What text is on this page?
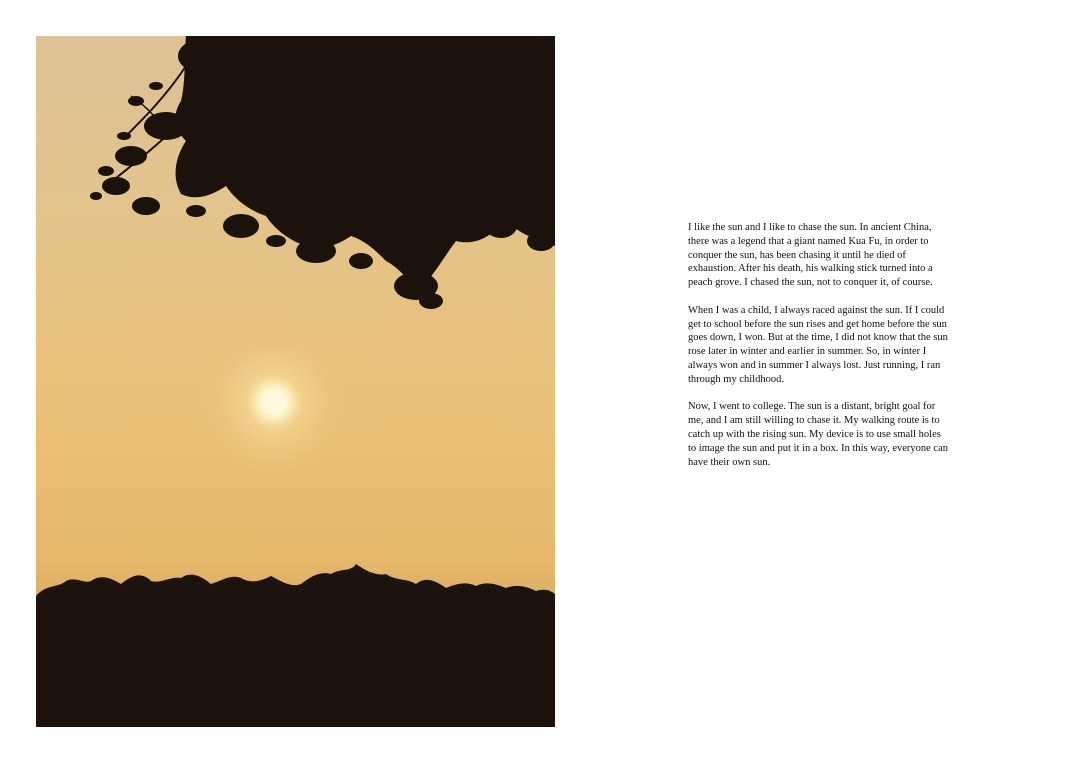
I like the sun and I like to chase the sun. In ancient China, there was a legend that a giant named Kua Fu, in order to conquer the sun, has been chasing it until he died of exhaustion. After his death, his walking stick turned into a peach grove. I chased the sun, not to conquer it, of course.

When I was a child, I always raced against the sun. If I could get to school before the sun rises and get home before the sun goes down, I won. But at the time, I did not know that the sun rose later in winter and earlier in summer. So, in winter I always won and in summer I always lost. Just running, I ran through my childhood.

Now, I went to college. The sun is a distant, bright goal for me, and I am still willing to chase it. My walking route is to catch up with the rising sun. My device is to use small holes to image the sun and put it in a box. In this way, everyone can have their own sun.
